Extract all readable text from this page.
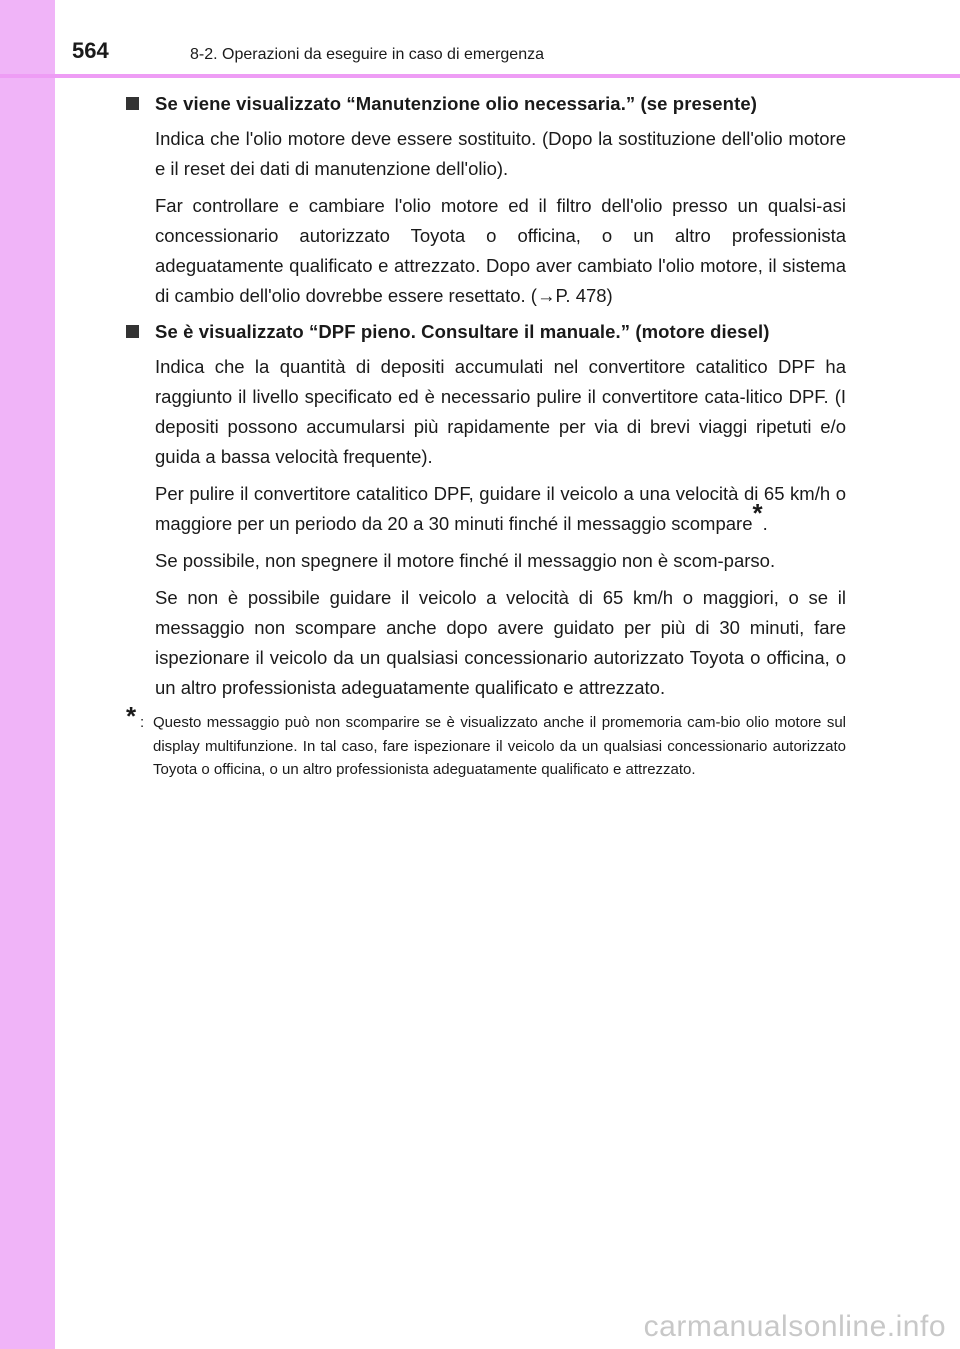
564	8-2. Operazioni da eseguire in caso di emergenza
Se viene visualizzato “Manutenzione olio necessaria.” (se presente)

Indica che l'olio motore deve essere sostituito. (Dopo la sostituzione dell'olio motore e il reset dei dati di manutenzione dell'olio).

Far controllare e cambiare l'olio motore ed il filtro dell'olio presso un qualsi-asi concessionario autorizzato Toyota o officina, o un altro professionista adeguatamente qualificato e attrezzato. Dopo aver cambiato l'olio motore, il sistema di cambio dell'olio dovrebbe essere resettato. (→P. 478)

Se è visualizzato “DPF pieno. Consultare il manuale.” (motore diesel)

Indica che la quantità di depositi accumulati nel convertitore catalitico DPF ha raggiunto il livello specificato ed è necessario pulire il convertitore cata-litico DPF. (I depositi possono accumularsi più rapidamente per via di brevi viaggi ripetuti e/o guida a bassa velocità frequente).

Per pulire il convertitore catalitico DPF, guidare il veicolo a una velocità di 65 km/h o maggiore per un periodo da 20 a 30 minuti finché il messaggio scompare*.

Se possibile, non spegnere il motore finché il messaggio non è scom-parso.

Se non è possibile guidare il veicolo a velocità di 65 km/h o maggiori, o se il messaggio non scompare anche dopo avere guidato per più di 30 minuti, fare ispezionare il veicolo da un qualsiasi concessionario autorizzato Toyota o officina, o un altro professionista adeguatamente qualificato e attrezzato.

* : Questo messaggio può non scomparire se è visualizzato anche il promemoria cam-bio olio motore sul display multifunzione. In tal caso, fare ispezionare il veicolo da un qualsiasi concessionario autorizzato Toyota o officina, o un altro professionista adeguatamente qualificato e attrezzato.
carmanualsonline.info
